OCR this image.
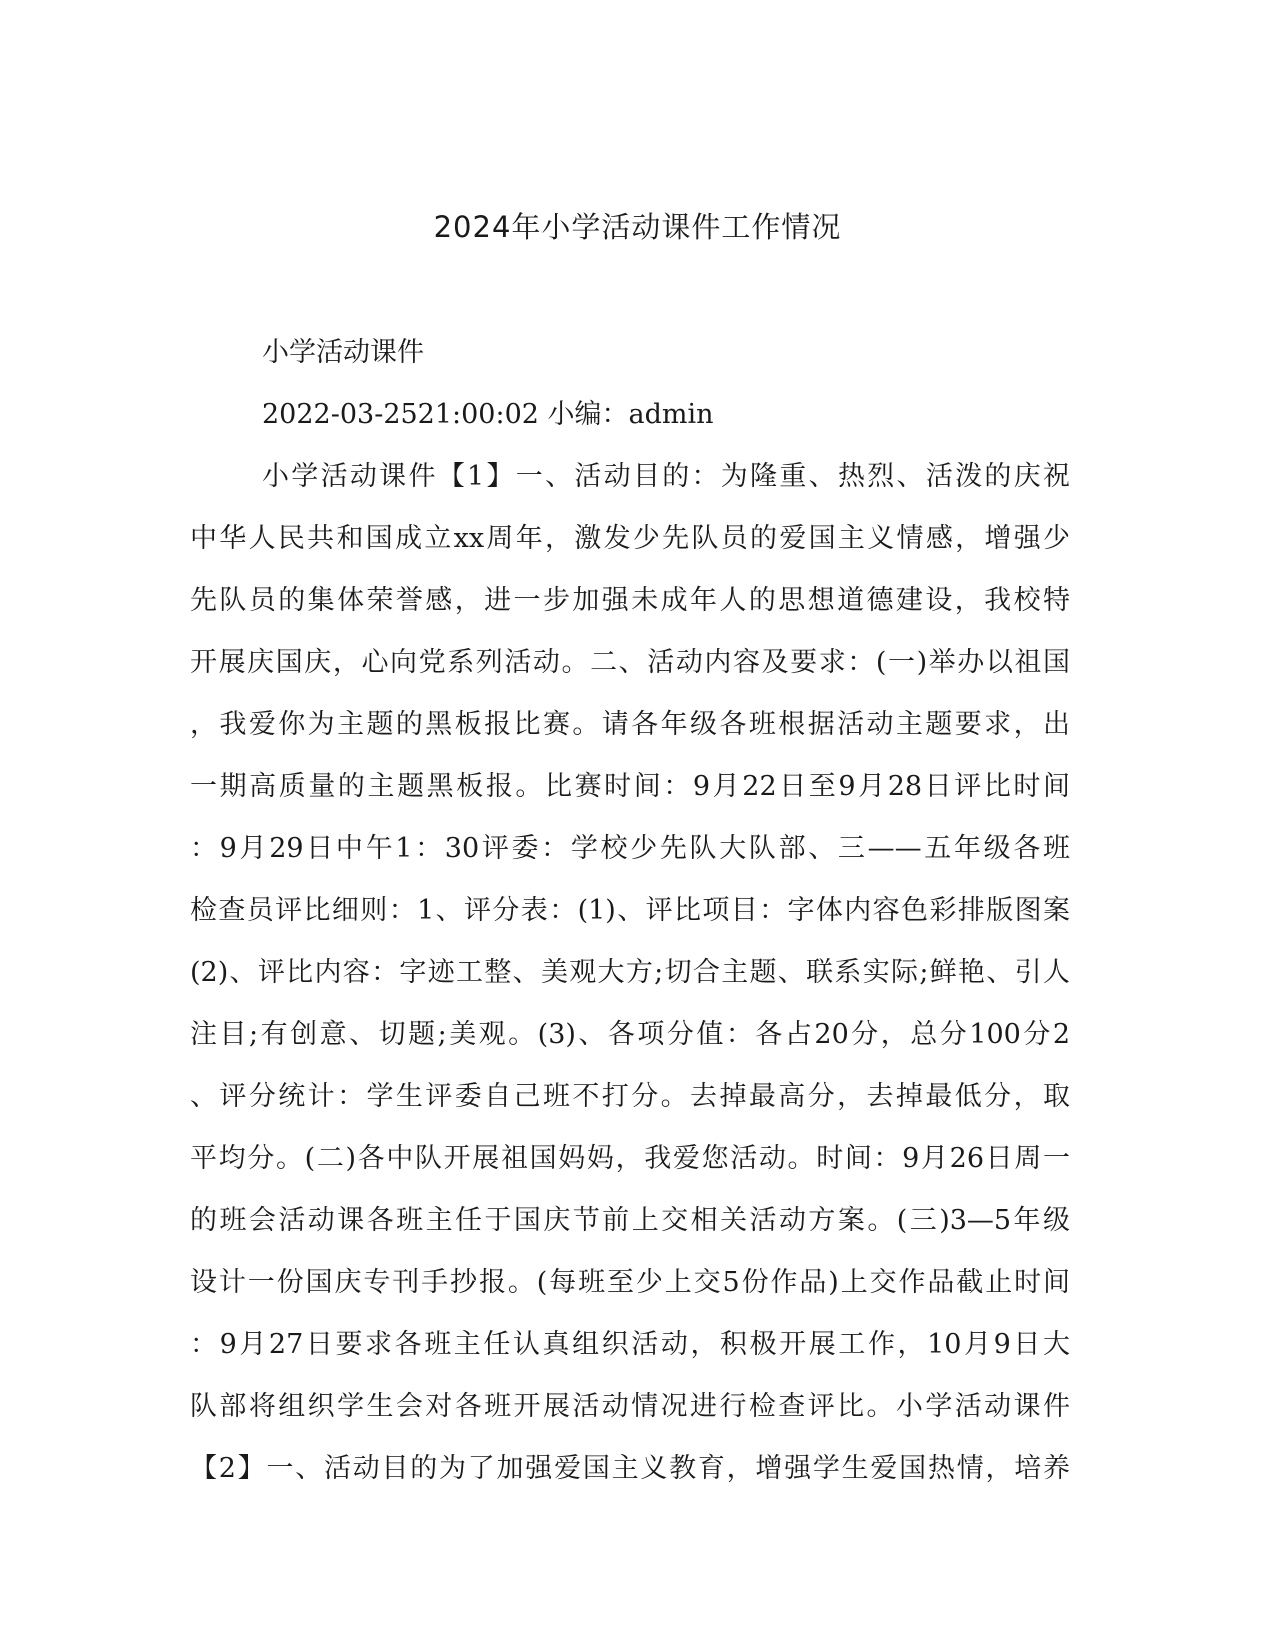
2024年小学活动课件工作情况
小学活动课件
2022-03-2521:00:02 小编：admin
小学活动课件【1】一、活动目的：为隆重、热烈、活泼的庆祝
中华人民共和国成立xx周年，激发少先队员的爱国主义情感，增强少
先队员的集体荣誉感，进一步加强未成年人的思想道德建设，我校特
开展庆国庆，心向党系列活动。二、活动内容及要求：(一)举办以祖国
，我爱你为主题的黑板报比赛。请各年级各班根据活动主题要求，出
一期高质量的主题黑板报。比赛时间：9月22日至9月28日评比时间
：9月29日中午1：30评委：学校少先队大队部、三——五年级各班
检查员评比细则：1、评分表：(1)、评比项目：字体内容色彩排版图案
(2)、评比内容：字迹工整、美观大方;切合主题、联系实际;鲜艳、引人
注目;有创意、切题;美观。(3)、各项分值：各占20分，总分100分2
、评分统计：学生评委自己班不打分。去掉最高分，去掉最低分，取
平均分。(二)各中队开展祖国妈妈，我爱您活动。时间：9月26日周一
的班会活动课各班主任于国庆节前上交相关活动方案。(三)3—5年级
设计一份国庆专刊手抄报。(每班至少上交5份作品)上交作品截止时间
：9月27日要求各班主任认真组织活动，积极开展工作，10月9日大
队部将组织学生会对各班开展活动情况进行检查评比。小学活动课件
【2】一、活动目的为了加强爱国主义教育，增强学生爱国热情，培养
